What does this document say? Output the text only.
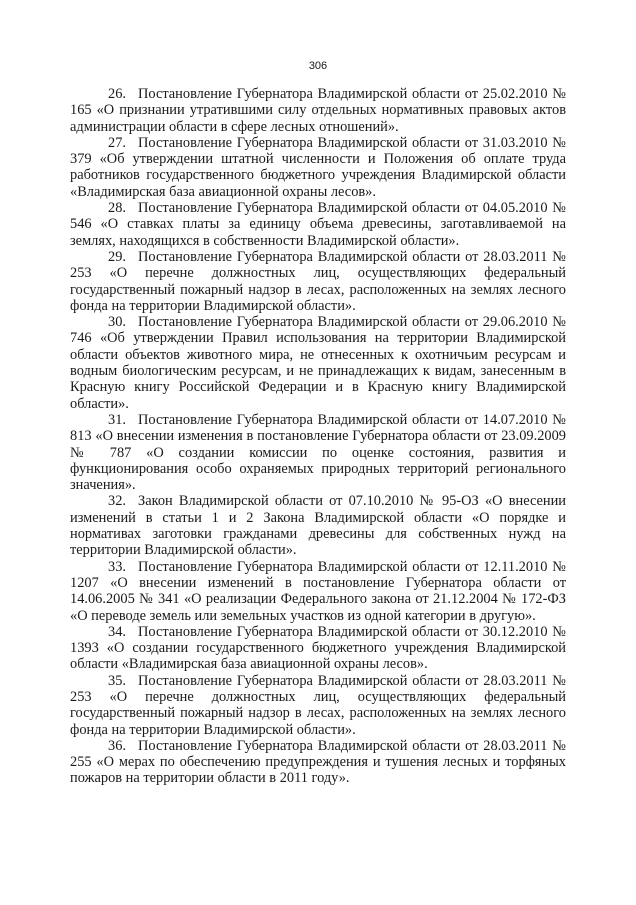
306

26. Постановление Губернатора Владимирской области от 25.02.2010 № 165 «О признании утратившими силу отдельных нормативных правовых актов администрации области в сфере лесных отношений».

27. Постановление Губернатора Владимирской области от 31.03.2010 № 379 «Об утверждении штатной численности и Положения об оплате труда работников государственного бюджетного учреждения Владимирской области «Владимирская база авиационной охраны лесов».

28. Постановление Губернатора Владимирской области от 04.05.2010 № 546 «О ставках платы за единицу объема древесины, заготавливаемой на землях, находящихся в собственности Владимирской области».

29. Постановление Губернатора Владимирской области от 28.03.2011 № 253 «О перечне должностных лиц, осуществляющих федеральный государственный пожарный надзор в лесах, расположенных на землях лесного фонда на территории Владимирской области».

30. Постановление Губернатора Владимирской области от 29.06.2010 № 746 «Об утверждении Правил использования на территории Владимирской области объектов животного мира, не отнесенных к охотничьим ресурсам и водным биологическим ресурсам, и не принадлежащих к видам, занесенным в Красную книгу Российской Федерации и в Красную книгу Владимирской области».

31. Постановление Губернатора Владимирской области от 14.07.2010 № 813 «О внесении изменения в постановление Губернатора области от 23.09.2009 № 787 «О создании комиссии по оценке состояния, развития и функционирования особо охраняемых природных территорий регионального значения».

32. Закон Владимирской области от 07.10.2010 № 95-ОЗ «О внесении изменений в статьи 1 и 2 Закона Владимирской области «О порядке и нормативах заготовки гражданами древесины для собственных нужд на территории Владимирской области».

33. Постановление Губернатора Владимирской области от 12.11.2010 № 1207 «О внесении изменений в постановление Губернатора области от 14.06.2005 № 341 «О реализации Федерального закона от 21.12.2004 № 172-ФЗ «О переводе земель или земельных участков из одной категории в другую».

34. Постановление Губернатора Владимирской области от 30.12.2010 № 1393 «О создании государственного бюджетного учреждения Владимирской области «Владимирская база авиационной охраны лесов».

35. Постановление Губернатора Владимирской области от 28.03.2011 № 253 «О перечне должностных лиц, осуществляющих федеральный государственный пожарный надзор в лесах, расположенных на землях лесного фонда на территории Владимирской области».

36. Постановление Губернатора Владимирской области от 28.03.2011 № 255 «О мерах по обеспечению предупреждения и тушения лесных и торфяных пожаров на территории области в 2011 году».
